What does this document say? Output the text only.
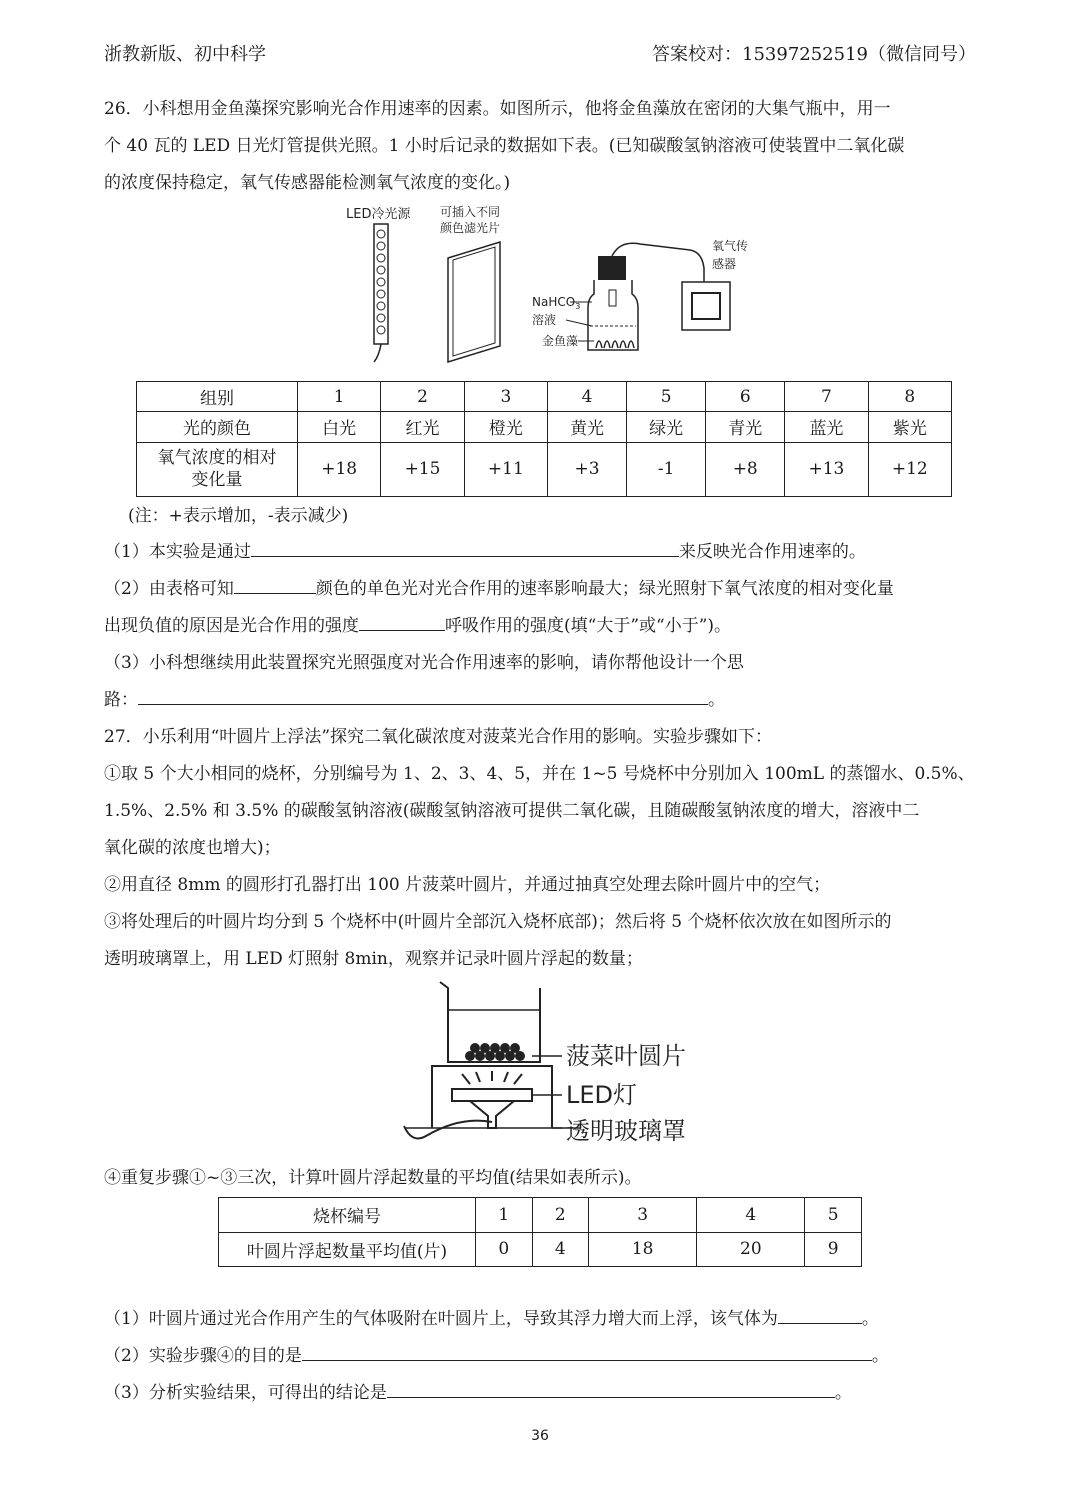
浙教新版、初中科学	答案校对：15397252519（微信同号）
26．小科想用金鱼藻探究影响光合作用速率的因素。如图所示，他将金鱼藻放在密闭的大集气瓶中，用一
个 40 瓦的 LED 日光灯管提供光照。1 小时后记录的数据如下表。(已知碳酸氢钠溶液可使装置中二氧化碳
的浓度保持稳定，氧气传感器能检测氧气浓度的变化。)
LED冷光源 可插入不同
颜色滤光片
NaHCO$_3$
溶液
金鱼藻
氧气传
感器
组别	1	2	3	4	5	6	7	8
光的颜色	白光	红光	橙光	黄光	绿光	青光	蓝光	紫光
氧气浓度的相对
变化量	+18	+15	+11	+3	-1	+8	+13	+12
(注：+表示增加，-表示减少)
（1）本实验是通过	来反映光合作用速率的。
（2）由表格可知	颜色的单色光对光合作用的速率影响最大；绿光照射下氧气浓度的相对变化量
出现负值的原因是光合作用的强度	呼吸作用的强度(填“大于”或“小于”)。
（3）小科想继续用此装置探究光照强度对光合作用速率的影响，请你帮他设计一个思
路：	。
27．小乐利用“叶圆片上浮法”探究二氧化碳浓度对菠菜光合作用的影响。实验步骤如下：
①取 5 个大小相同的烧杯，分别编号为 1、2、3、4、5，并在 1~5 号烧杯中分别加入 100mL 的蒸馏水、0.5%、
1.5%、2.5% 和 3.5% 的碳酸氢钠溶液(碳酸氢钠溶液可提供二氧化碳，且随碳酸氢钠浓度的增大，溶液中二
氧化碳的浓度也增大)；
②用直径 8mm 的圆形打孔器打出 100 片菠菜叶圆片，并通过抽真空处理去除叶圆片中的空气；
③将处理后的叶圆片均分到 5 个烧杯中(叶圆片全部沉入烧杯底部)；然后将 5 个烧杯依次放在如图所示的
透明玻璃罩上，用 LED 灯照射 8min，观察并记录叶圆片浮起的数量；
菠菜叶圆片
LED灯
透明玻璃罩
④重复步骤①~③三次，计算叶圆片浮起数量的平均值(结果如表所示)。
烧杯编号	1	2	3	4	5
叶圆片浮起数量平均值(片)	0	4	18	20	9
（1）叶圆片通过光合作用产生的气体吸附在叶圆片上，导致其浮力增大而上浮，该气体为	。
（2）实验步骤④的目的是	。
（3）分析实验结果，可得出的结论是	。
36
